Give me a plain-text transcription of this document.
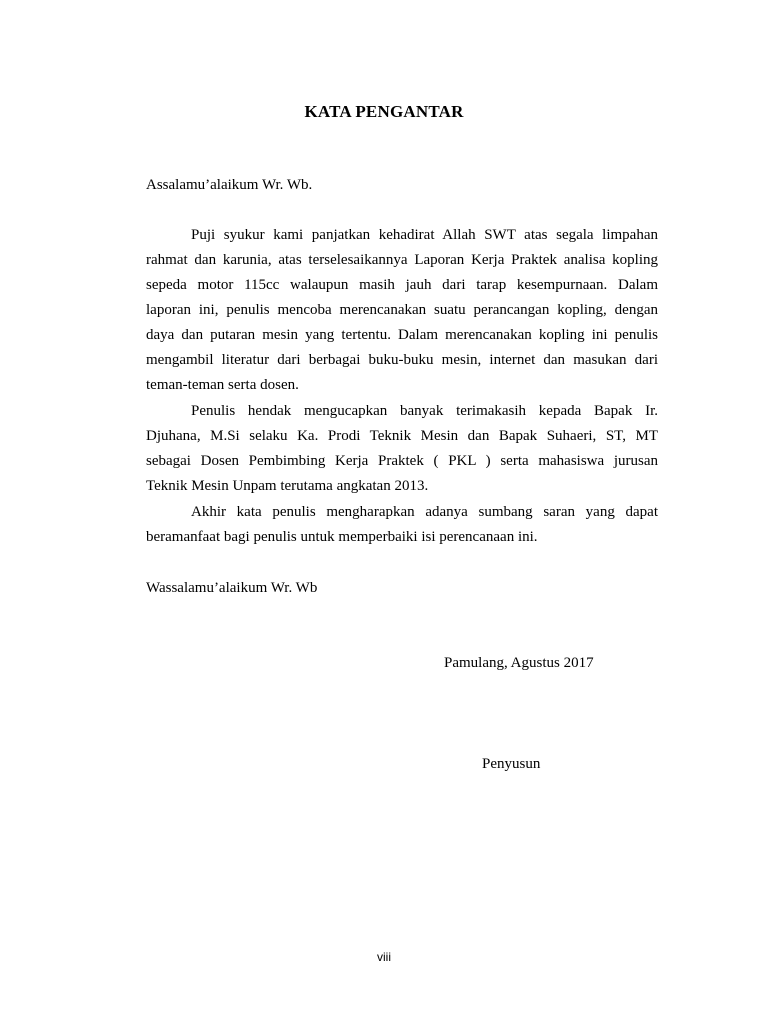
KATA PENGANTAR
Assalamu’alaikum Wr. Wb.
Puji syukur kami panjatkan kehadirat Allah SWT atas segala limpahan
rahmat dan karunia, atas terselesaikannya Laporan Kerja Praktek analisa kopling
sepeda motor 115cc walaupun masih jauh dari tarap kesempurnaan. Dalam
laporan ini, penulis mencoba merencanakan suatu perancangan kopling, dengan
daya dan putaran mesin yang tertentu. Dalam merencanakan kopling ini penulis
mengambil literatur dari berbagai buku-buku mesin, internet dan masukan dari
teman-teman serta dosen.
Penulis hendak mengucapkan banyak terimakasih kepada Bapak Ir.
Djuhana, M.Si selaku Ka. Prodi Teknik Mesin dan Bapak Suhaeri, ST, MT
sebagai Dosen Pembimbing Kerja Praktek ( PKL ) serta mahasiswa jurusan
Teknik Mesin Unpam terutama angkatan 2013.
Akhir kata penulis mengharapkan adanya sumbang saran yang dapat
beramanfaat bagi penulis untuk memperbaiki isi perencanaan ini.
Wassalamu’alaikum Wr. Wb
Pamulang, Agustus 2017
Penyusun
viii
